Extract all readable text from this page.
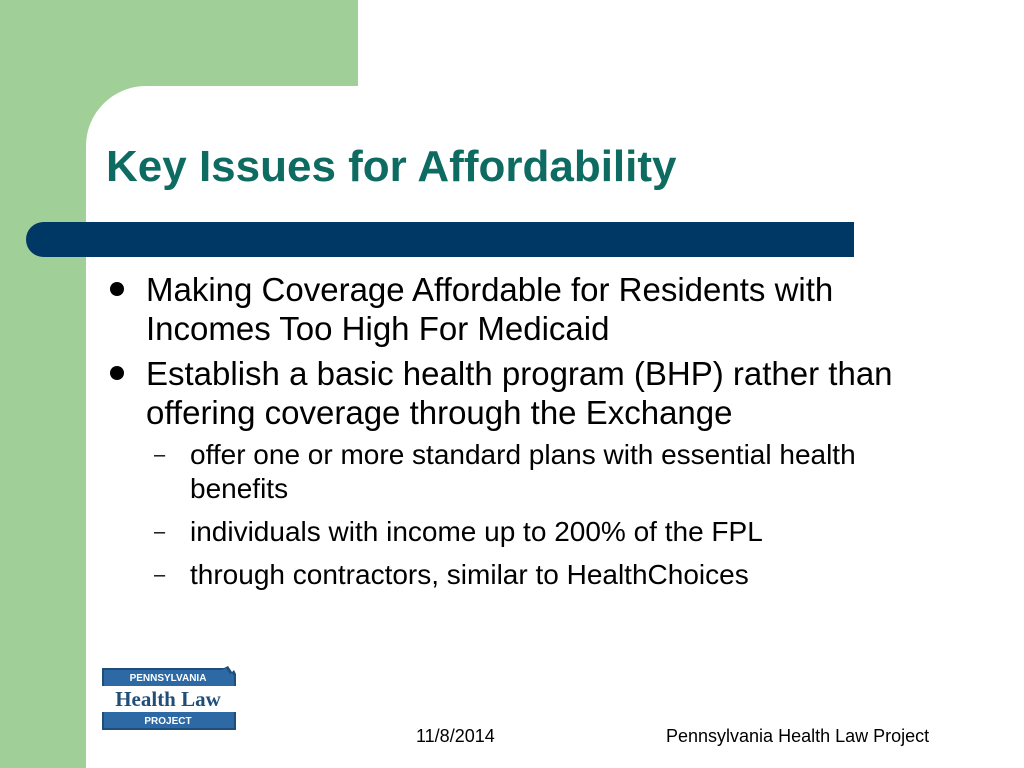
Key Issues for Affordability
Making Coverage Affordable for Residents with Incomes Too High For Medicaid
Establish a basic health program (BHP) rather than offering coverage through the Exchange
– offer one or more standard plans with essential health benefits
– individuals with income up to 200% of the FPL
– through contractors, similar to HealthChoices
PENNSYLVANIA
Health Law
PROJECT
11/8/2014	Pennsylvania Health Law Project
